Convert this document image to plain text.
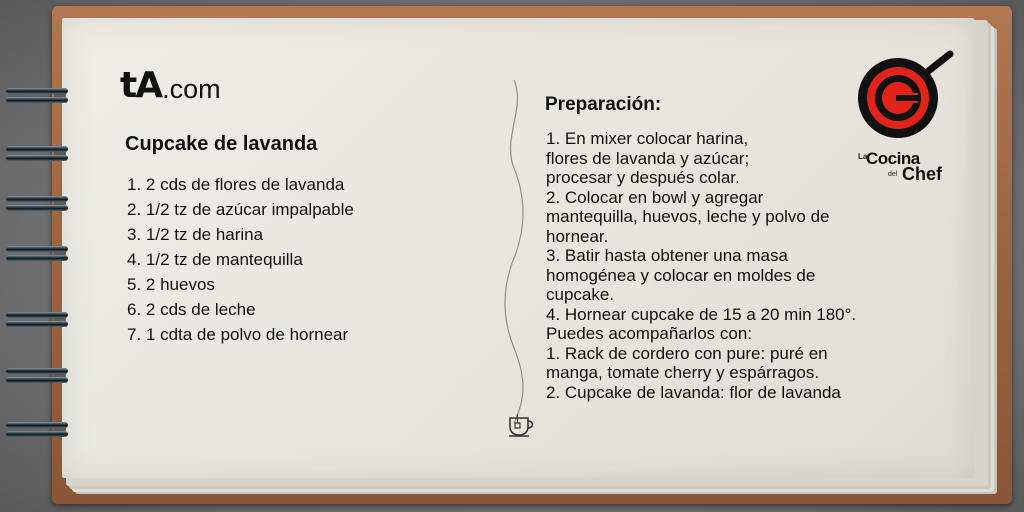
tA .com
Cupcake de lavanda
1. 2 cds de flores de lavanda
2. 1/2 tz de azúcar impalpable
3. 1/2 tz de harina
4. 1/2 tz de mantequilla
5. 2 huevos
6. 2 cds de leche
7. 1 cdta de polvo de hornear
Preparación:
1. En mixer colocar harina,
flores de lavanda y azúcar;
procesar y después colar.
2. Colocar en bowl y agregar
mantequilla, huevos, leche y polvo de
hornear.
3. Batir hasta obtener una masa
homogénea y colocar en moldes de
cupcake.
4. Hornear cupcake de 15 a 20 min 180°.
Puedes acompañarlos con:
1. Rack de cordero con pure: puré en
manga, tomate cherry y espárragos.
2. Cupcake de lavanda: flor de lavanda
La
Cocina
del Chef
